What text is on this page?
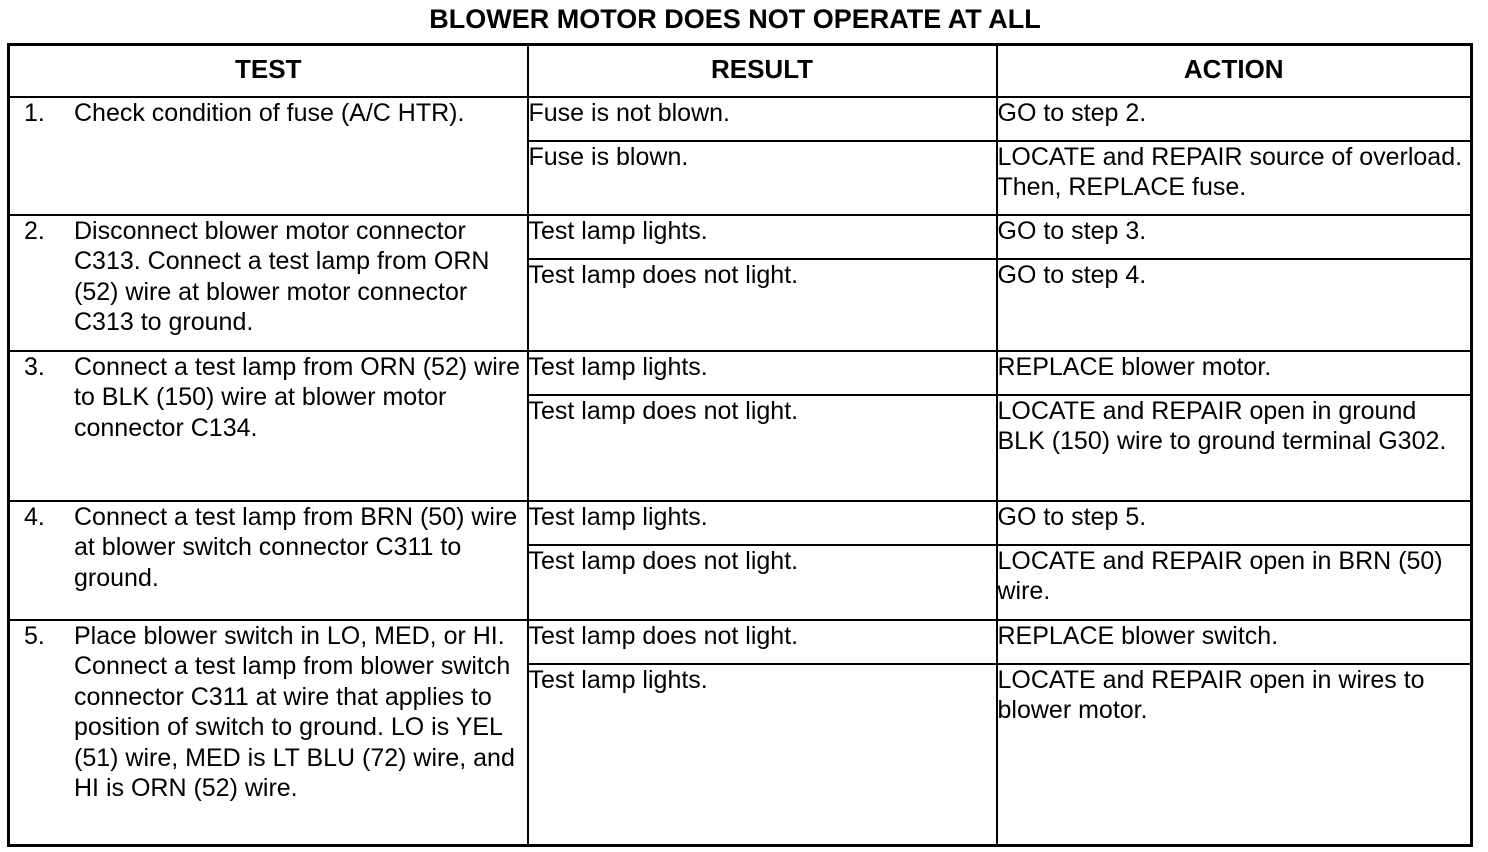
BLOWER MOTOR DOES NOT OPERATE AT ALL
TEST	RESULT	ACTION

1. Check condition of fuse (A/C HTR).	Fuse is not blown.	GO to step 2.
	Fuse is blown.	LOCATE and REPAIR source of overload. Then, REPLACE fuse.

2. Disconnect blower motor connector C313. Connect a test lamp from ORN (52) wire at blower motor connector C313 to ground.	Test lamp lights.	GO to step 3.
	Test lamp does not light.	GO to step 4.

3. Connect a test lamp from ORN (52) wire to BLK (150) wire at blower motor connector C134.	Test lamp lights.	REPLACE blower motor.
	Test lamp does not light.	LOCATE and REPAIR open in ground BLK (150) wire to ground terminal G302.

4. Connect a test lamp from BRN (50) wire at blower switch connector C311 to ground.	Test lamp lights.	GO to step 5.
	Test lamp does not light.	LOCATE and REPAIR open in BRN (50) wire.

5. Place blower switch in LO, MED, or HI. Connect a test lamp from blower switch connector C311 at wire that applies to position of switch to ground. LO is YEL (51) wire, MED is LT BLU (72) wire, and HI is ORN (52) wire.	Test lamp does not light.	REPLACE blower switch.
	Test lamp lights.	LOCATE and REPAIR open in wires to blower motor.
